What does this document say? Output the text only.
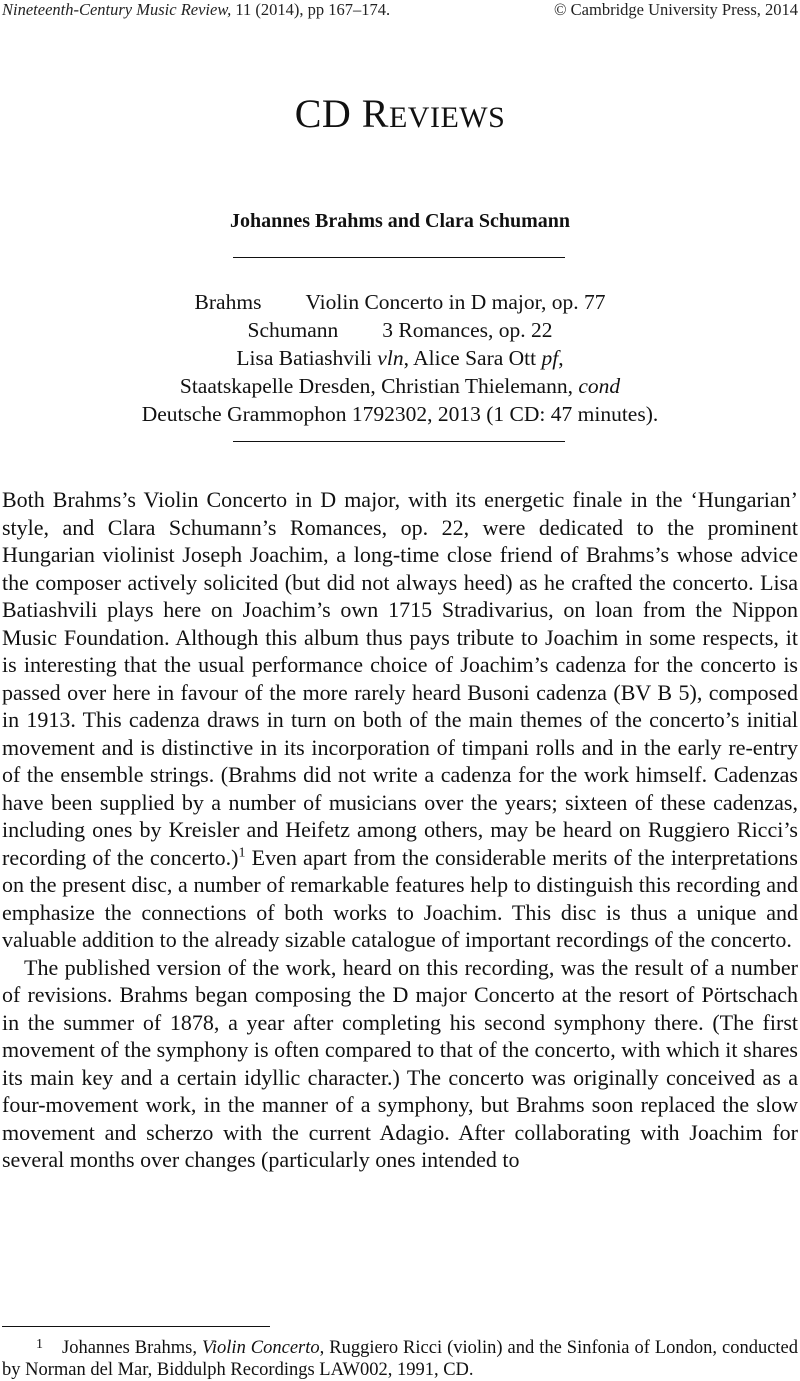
Nineteenth-Century Music Review, 11 (2014), pp 167–174.	© Cambridge University Press, 2014
CD REVIEWS
Johannes Brahms and Clara Schumann
Brahms Violin Concerto in D major, op. 77
Schumann 3 Romances, op. 22
Lisa Batiashvili vln, Alice Sara Ott pf,
Staatskapelle Dresden, Christian Thielemann, cond
Deutsche Grammophon 1792302, 2013 (1 CD: 47 minutes).

Both Brahms’s Violin Concerto in D major, with its energetic finale in the ‘Hungarian’ style, and Clara Schumann’s Romances, op. 22, were dedicated to the prominent Hungarian violinist Joseph Joachim, a long-time close friend of Brahms’s whose advice the composer actively solicited (but did not always heed) as he crafted the concerto. Lisa Batiashvili plays here on Joachim’s own 1715 Stradivarius, on loan from the Nippon Music Foundation. Although this album thus pays tribute to Joachim in some respects, it is interesting that the usual performance choice of Joachim’s cadenza for the concerto is passed over here in favour of the more rarely heard Busoni cadenza (BV B 5), composed in 1913. This cadenza draws in turn on both of the main themes of the concerto’s initial movement and is distinctive in its incorporation of timpani rolls and in the early re-entry of the ensemble strings. (Brahms did not write a cadenza for the work himself. Cadenzas have been supplied by a number of musicians over the years; sixteen of these cadenzas, including ones by Kreisler and Heifetz among others, may be heard on Ruggiero Ricci’s recording of the concerto.)$^1$ Even apart from the considerable merits of the interpretations on the present disc, a number of remarkable features help to distinguish this recording and emphasize the connections of both works to Joachim. This disc is thus a unique and valuable addition to the already sizable catalogue of important recordings of the concerto.

The published version of the work, heard on this recording, was the result of a number of revisions. Brahms began composing the D major Concerto at the resort of Pörtschach in the summer of 1878, a year after completing his second symphony there. (The first movement of the symphony is often compared to that of the concerto, with which it shares its main key and a certain idyllic character.) The concerto was originally conceived as a four-movement work, in the manner of a symphony, but Brahms soon replaced the slow movement and scherzo with the current Adagio. After collaborating with Joachim for several months over changes (particularly ones intended to

1 Johannes Brahms, Violin Concerto, Ruggiero Ricci (violin) and the Sinfonia of London, conducted by Norman del Mar, Biddulph Recordings LAW002, 1991, CD.
